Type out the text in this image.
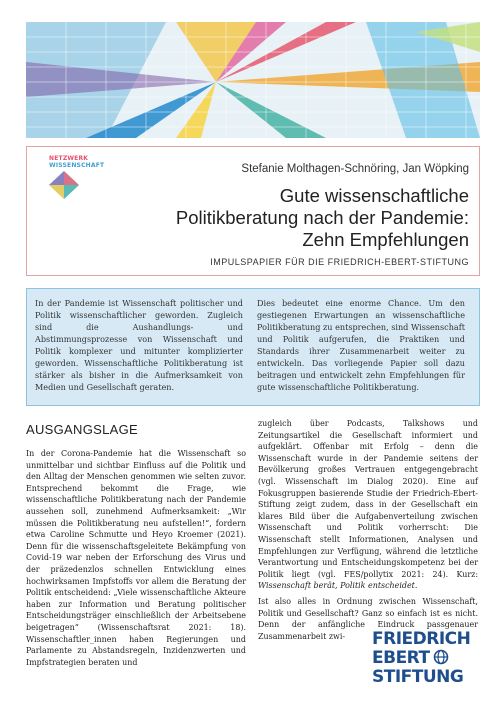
NETZWERK
WISSENSCHAFT	Stefanie Molthagen-Schnöring, Jan Wöpking
Gute wissenschaftliche
Politikberatung nach der Pandemie:
Zehn Empfehlungen
IMPULSPAPIER FÜR DIE FRIEDRICH-EBERT-STIFTUNG
In der Pandemie ist Wissenschaft politischer und Politik wissenschaftlicher geworden. Zugleich sind die Aushandlungs- und Abstimmungsprozesse von Wissenschaft und Politik komplexer und mitunter komplizierter geworden. Wissenschaftliche Politikberatung ist stärker als bisher in die Aufmerksamkeit von Medien und Gesellschaft geraten.
Dies bedeutet eine enorme Chance. Um den gestiegenen Erwartungen an wissenschaftliche Politikberatung zu entsprechen, sind Wissenschaft und Politik aufgerufen, die Praktiken und Standards ihrer Zusammenarbeit weiter zu entwickeln. Das vorliegende Papier soll dazu beitragen und entwickelt zehn Empfehlungen für gute wissenschaftliche Politikberatung.
AUSGANGSLAGE

In der Corona-Pandemie hat die Wissenschaft so unmittelbar und sichtbar Einfluss auf die Politik und den Alltag der Menschen genommen wie selten zuvor. Entsprechend bekommt die Frage, wie wissenschaftliche Politikberatung nach der Pandemie aussehen soll, zunehmend Aufmerksamkeit: „Wir müssen die Politikberatung neu aufstellen!“, fordern etwa Caroline Schmutte und Heyo Kroemer (2021). Denn für die wissenschaftsgeleitete Bekämpfung von Covid-19 war neben der Erforschung des Virus und der präzedenzlos schnellen Entwicklung eines hochwirksamen Impfstoffs vor allem die Beratung der Politik entscheidend: „Viele wissenschaftliche Akteure haben zur Information und Beratung politischer Entscheidungsträger einschließlich der Arbeitsebene beigetragen“ (Wissenschaftsrat 2021: 18). Wissenschaftler_innen haben Regierungen und Parlamente zu Abstandsregeln, Inzidenzwerten und Impfstrategien beraten und

zugleich über Podcasts, Talkshows und Zeitungsartikel die Gesellschaft informiert und aufgeklärt. Offenbar mit Erfolg – denn die Wissenschaft wurde in der Pandemie seitens der Bevölkerung großes Vertrauen entgegengebracht (vgl. Wissenschaft im Dialog 2020). Eine auf Fokusgruppen basierende Studie der Friedrich-Ebert-Stiftung zeigt zudem, dass in der Gesellschaft ein klares Bild über die Aufgabenverteilung zwischen Wissenschaft und Politik vorherrscht: Die Wissenschaft stellt Informationen, Analysen und Empfehlungen zur Verfügung, während die letztliche Verantwortung und Entscheidungskompetenz bei der Politik liegt (vgl. FES/pollytix 2021: 24). Kurz: Wissenschaft berät, Politik entscheidet.

Ist also alles in Ordnung zwischen Wissenschaft, Politik und Gesellschaft? Ganz so einfach ist es nicht. Denn der anfängliche Eindruck passgenauer Zusammenarbeit zwi-	FRIEDRICH
EBERT
STIFTUNG
